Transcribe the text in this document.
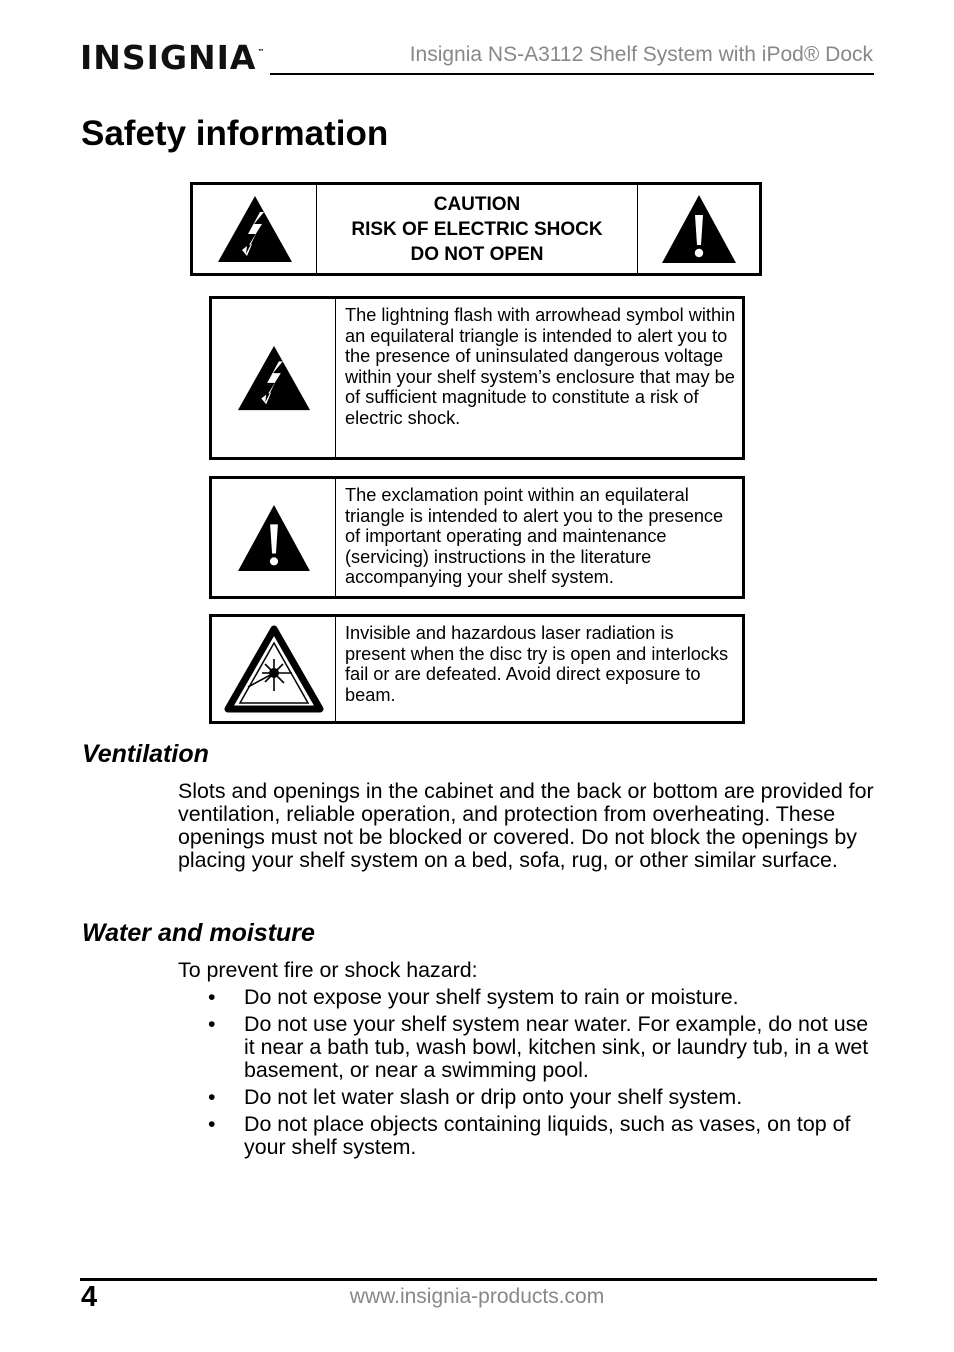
INSIGNIA ™	Insignia NS-A3112 Shelf System with iPod® Dock
Safety information
CAUTION
RISK OF ELECTRIC SHOCK
DO NOT OPEN
The lightning flash with arrowhead symbol within an equilateral triangle is intended to alert you to the presence of uninsulated dangerous voltage within your shelf system’s enclosure that may be of sufficient magnitude to constitute a risk of electric shock.
The exclamation point within an equilateral triangle is intended to alert you to the presence of important operating and maintenance (servicing) instructions in the literature accompanying your shelf system.
Invisible and hazardous laser radiation is present when the disc try is open and interlocks fail or are defeated. Avoid direct exposure to beam.
Ventilation

Slots and openings in the cabinet and the back or bottom are provided for ventilation, reliable operation, and protection from overheating. These openings must not be blocked or covered. Do not block the openings by placing your shelf system on a bed, sofa, rug, or other similar surface.

Water and moisture

To prevent fire or shock hazard:

• Do not expose your shelf system to rain or moisture.
• Do not use your shelf system near water. For example, do not use it near a bath tub, wash bowl, kitchen sink, or laundry tub, in a wet basement, or near a swimming pool.
• Do not let water slash or drip onto your shelf system.
• Do not place objects containing liquids, such as vases, on top of your shelf system.
4	www.insignia-products.com
